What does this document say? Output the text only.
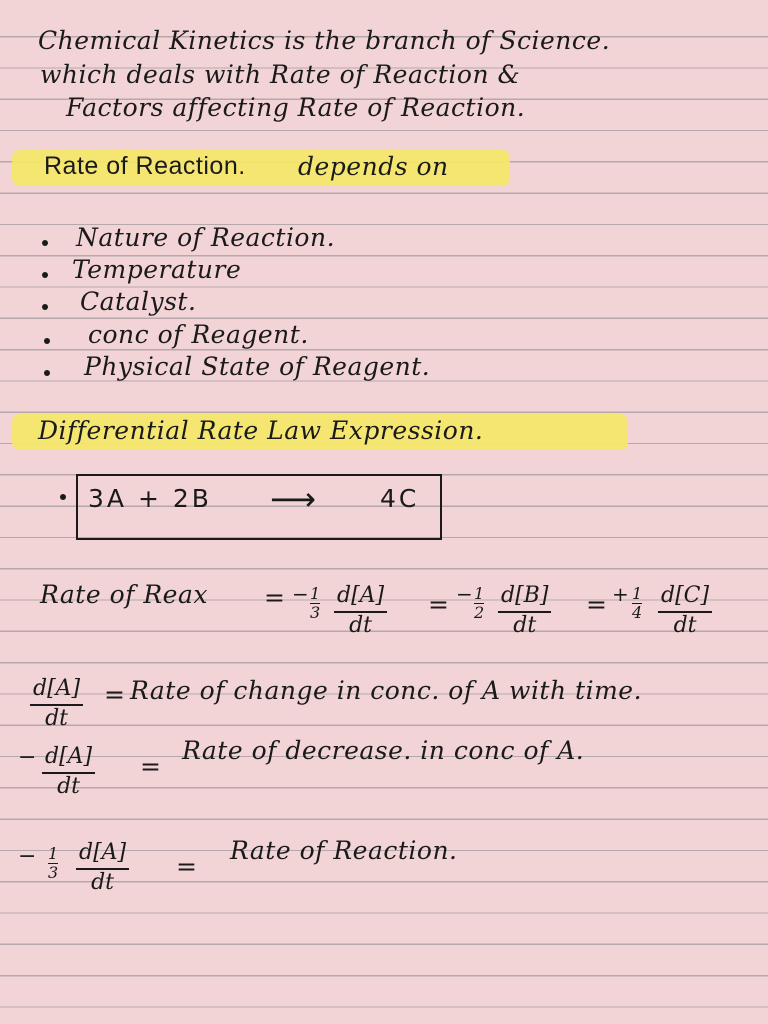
Chemical Kinetics is the branch of Science.
which deals with Rate of Reaction &
Factors affecting Rate of Reaction.
Rate of Reaction. depends on
Nature of Reaction.
Temperature
Catalyst.
conc of Reagent.
Physical State of Reagent.
Differential Rate Law Expression.
3A + 2B ⟶	4C
Rate of Reax = − $\frac{1}{3} \frac{d[A]}{dt}$ = − $\frac{1}{2} \frac{d[B]}{dt}$ = + $\frac{1}{4} \frac{d[C]}{dt}$
$\frac{d[A]}{dt}$ = Rate of change in conc. of A with time.
− $\frac{d[A]}{dt}$ =
Rate of decrease. in conc of A.
− $\frac{1}{3} \frac{d[A]}{dt}$ =
Rate of Reaction.
